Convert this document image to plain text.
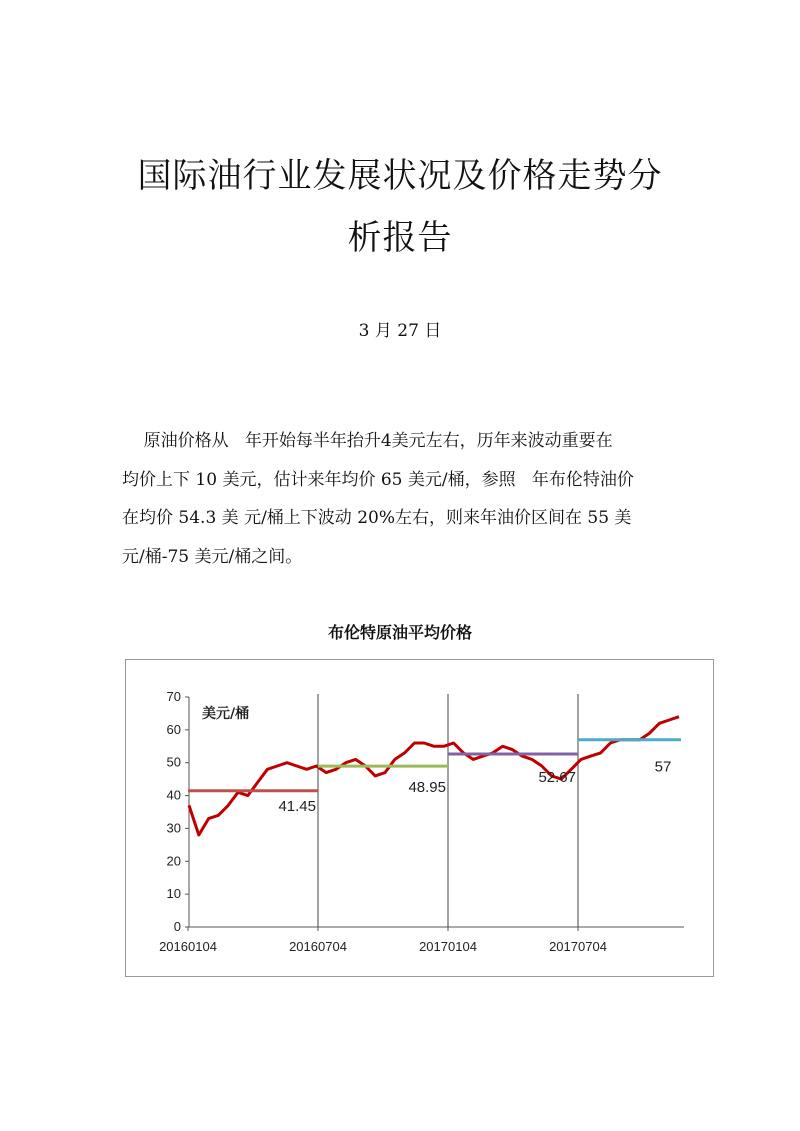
国际油行业发展状况及价格走势分
析报告
3 月 27 日

原油价格从   年开始每半年抬升4美元左右，历年来波动重要在
均价上下 10 美元，估计来年均价 65 美元/桶，参照   年布伦特油价
在均价 54.3 美 元/桶上下波动 20%左右，则来年油价区间在 55 美
元/桶-75 美元/桶之间。

布伦特原油平均价格
美元/桶
0
10
20
30
40
50
60
70
20160104	20160704	20170104	20170704
41.45
48.95
52.67
57
